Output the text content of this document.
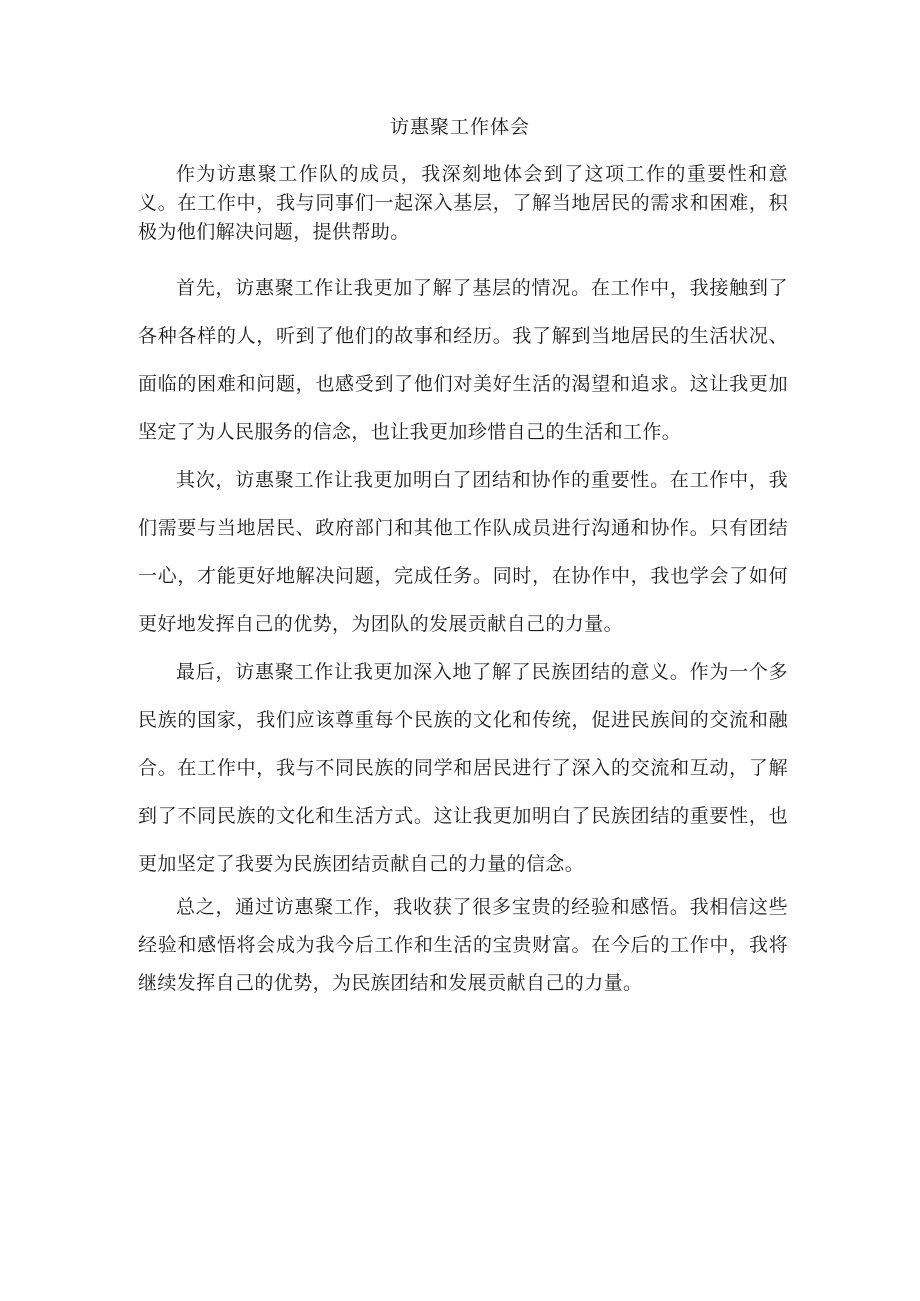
访惠聚工作体会

作为访惠聚工作队的成员，我深刻地体会到了这项工作的重要性和意义。在工作中，我与同事们一起深入基层，了解当地居民的需求和困难，积极为他们解决问题，提供帮助。

首先，访惠聚工作让我更加了解了基层的情况。在工作中，我接触到了各种各样的人，听到了他们的故事和经历。我了解到当地居民的生活状况、面临的困难和问题，也感受到了他们对美好生活的渴望和追求。这让我更加坚定了为人民服务的信念，也让我更加珍惜自己的生活和工作。

其次，访惠聚工作让我更加明白了团结和协作的重要性。在工作中，我们需要与当地居民、政府部门和其他工作队成员进行沟通和协作。只有团结一心，才能更好地解决问题，完成任务。同时，在协作中，我也学会了如何更好地发挥自己的优势，为团队的发展贡献自己的力量。

最后，访惠聚工作让我更加深入地了解了民族团结的意义。作为一个多民族的国家，我们应该尊重每个民族的文化和传统，促进民族间的交流和融合。在工作中，我与不同民族的同学和居民进行了深入的交流和互动，了解到了不同民族的文化和生活方式。这让我更加明白了民族团结的重要性，也更加坚定了我要为民族团结贡献自己的力量的信念。

总之，通过访惠聚工作，我收获了很多宝贵的经验和感悟。我相信这些经验和感悟将会成为我今后工作和生活的宝贵财富。在今后的工作中，我将继续发挥自己的优势，为民族团结和发展贡献自己的力量。
